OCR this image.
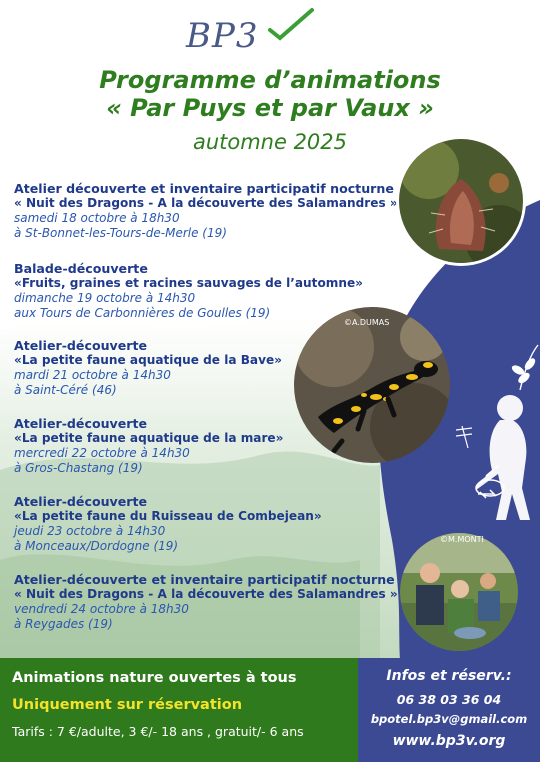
BP3
Programme d’animations
« Par Puys et par Vaux »
automne 2025
Atelier découverte et inventaire participatif nocturne
« Nuit des Dragons - A la découverte des Salamandres »
samedi 18 octobre à 18h30
à St-Bonnet-les-Tours-de-Merle (19)
Balade-découverte
«Fruits, graines et racines sauvages de l’automne»
dimanche 19 octobre à 14h30
aux Tours de Carbonnières de Goulles (19)
Atelier-découverte
«La petite faune aquatique de la Bave»
mardi 21 octobre à 14h30
à Saint-Céré (46)
Atelier-découverte
«La petite faune aquatique de la mare»
mercredi 22 octobre à 14h30
à Gros-Chastang (19)
Atelier-découverte
«La petite faune du Ruisseau de Combejean»
jeudi 23 octobre à 14h30
à Monceaux/Dordogne (19)
Atelier-découverte et inventaire participatif nocturne
« Nuit des Dragons - A la découverte des Salamandres »
vendredi 24 octobre à 18h30
à Reygades (19)
©A.DUMAS
©M.MONTI
Animations nature ouvertes à tous
Uniquement sur réservation
Tarifs : 7 €/adulte, 3 €/- 18 ans , gratuit/- 6 ans
Infos et réserv.:
06 38 03 36 04
bpotel.bp3v@gmail.com
www.bp3v.org
